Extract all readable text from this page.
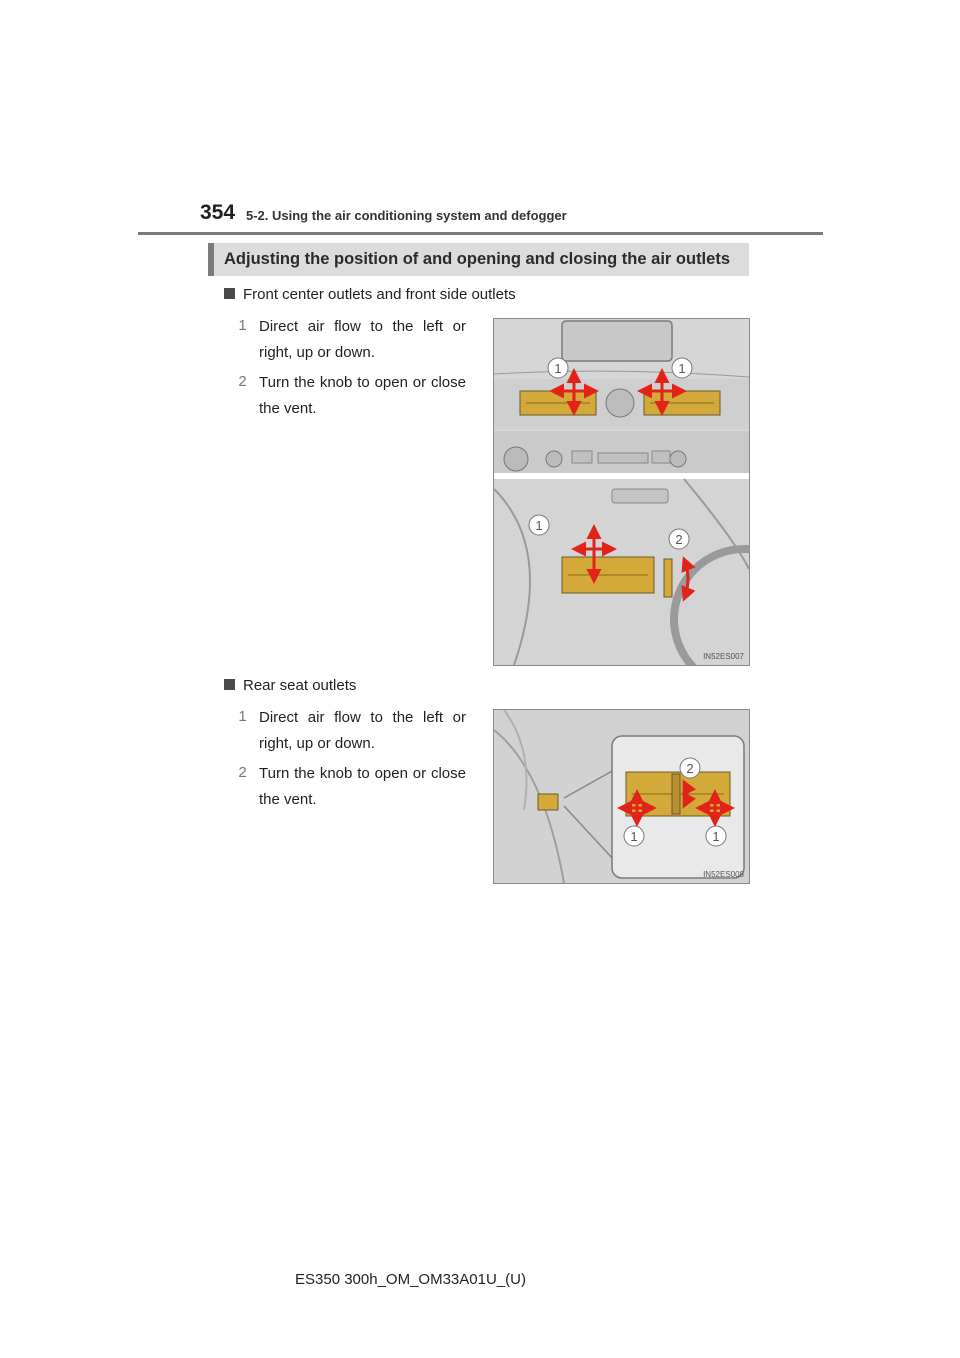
354 5-2. Using the air conditioning system and defogger
Adjusting the position of and opening and closing the air outlets
Front center outlets and front side outlets
1 Direct air flow to the left or right, up or down.
2 Turn the knob to open or close the vent.
1	1
1
2
IN52ES007
Rear seat outlets
1 Direct air flow to the left or right, up or down.
2 Turn the knob to open or close the vent.
2
1	1
IN52ES008
ES350 300h_OM_OM33A01U_(U)
